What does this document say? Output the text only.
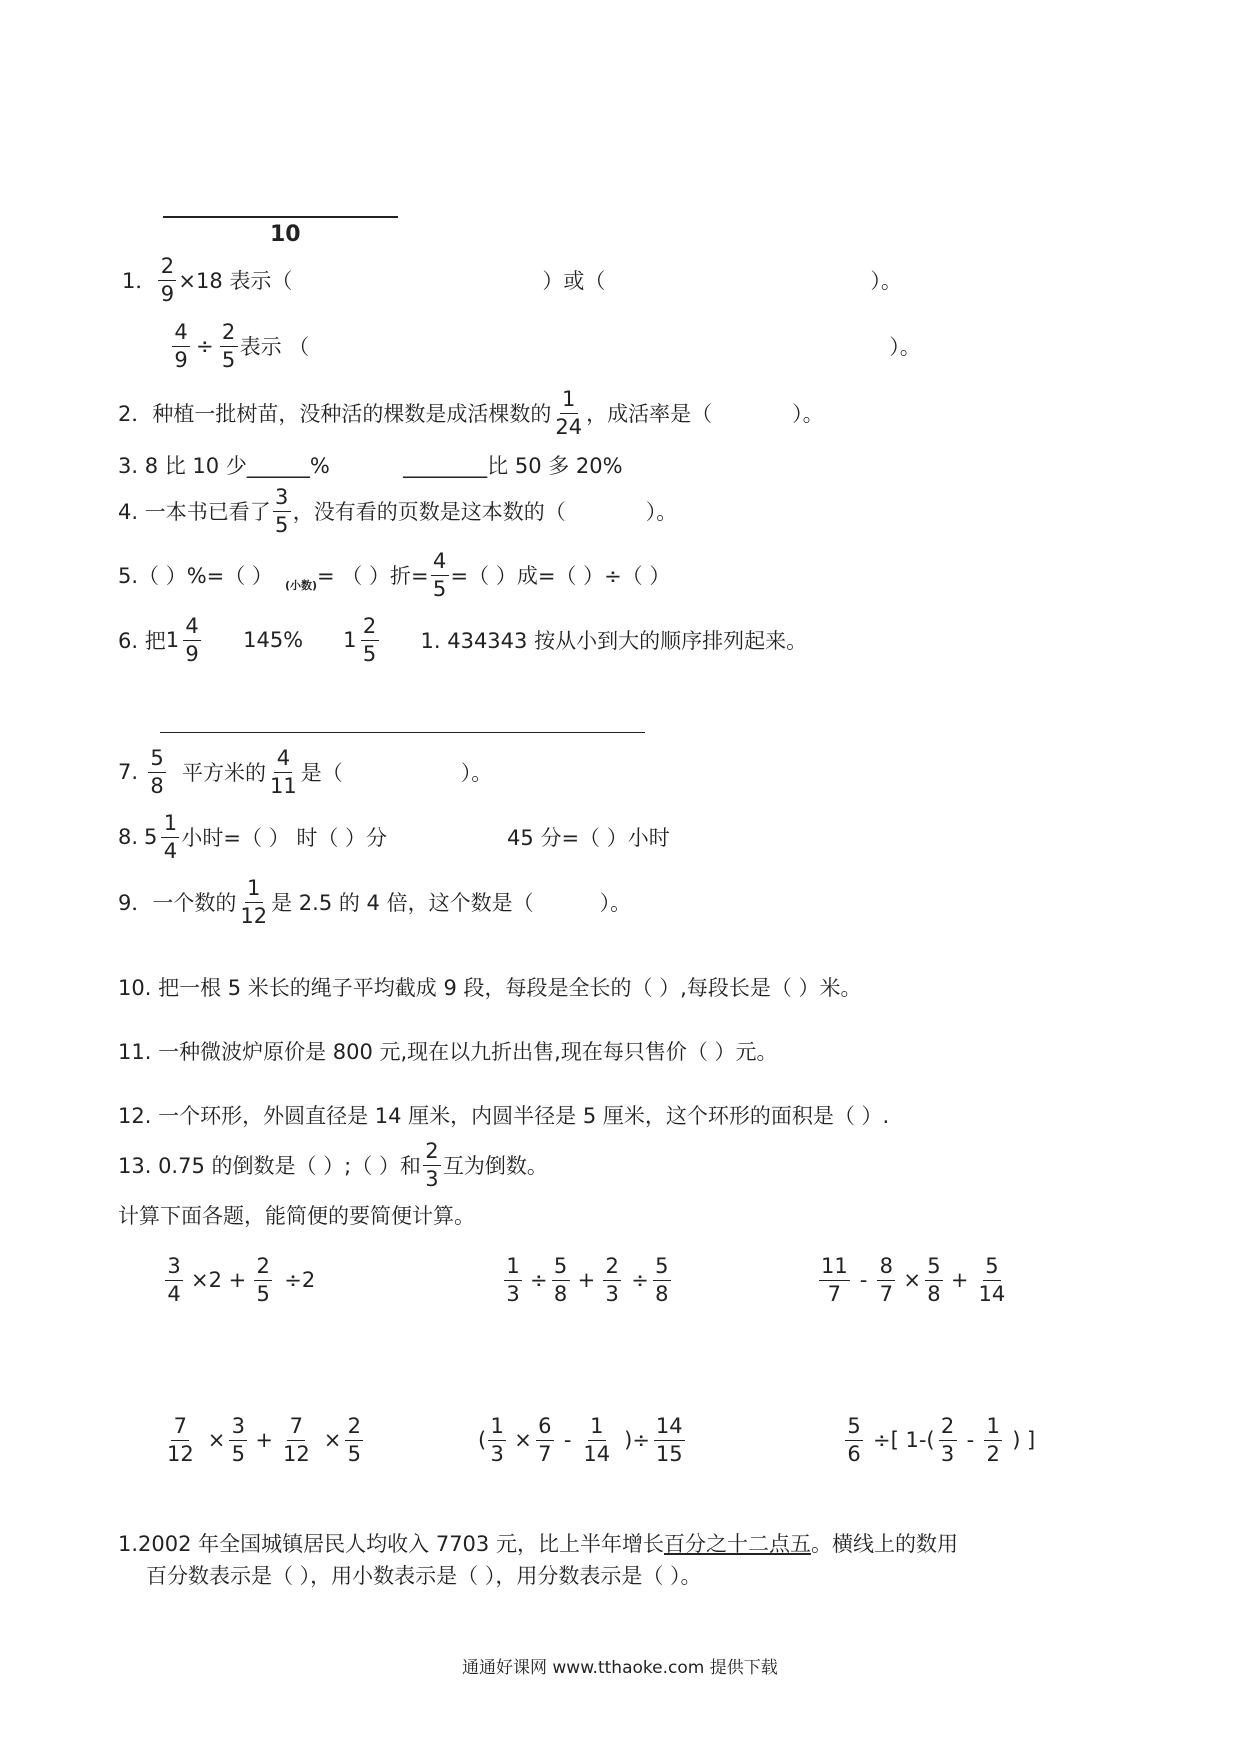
10
1． $\frac{2}{9} \times 18$ 表示（	）或（	）。
$\frac{4}{9} \div \frac{2}{5}$ 表示 （	）。
2．种植一批树苗，没种活的棵数是成活棵数的 $\frac{1}{24}$ ，成活率是（	）。
3. 8 比 10 少______%	________比 50 多 20%
4. 一本书已看了 $\frac{3}{5}$ ，没有看的页数是这本数的（	）。
5.（ ）%=（ ） (小数) = （ ）折= $\frac{4}{5}$ =（ ）成=（ ）÷（ ）
6. 把 $1 \frac{4}{9} 145\%$ $1 \frac{2}{5} 1$. 434343 按从小到大的顺序排列起来。
7. $\frac{5}{8}$ 平方米的 $\frac{4}{11}$ 是（	）。
8. $5 \frac{1}{4}$ 小时=（ ） 时（ ）分	45 分=（ ）小时
9．一个数的 $\frac{1}{12}$ 是 2.5 的 4 倍，这个数是（	）。
10. 把一根 5 米长的绳子平均截成 9 段，每段是全长的（ ）,每段长是（ ）米。
11. 一种微波炉原价是 800 元,现在以九折出售,现在每只售价（ ）元。
12. 一个环形，外圆直径是 14 厘米，内圆半径是 5 厘米，这个环形的面积是（ ）.
13. 0.75 的倒数是（ ）;（ ）和 $\frac{2}{3}$ 互为倒数。
计算下面各题，能简便的要简便计算。
$\frac{3}{4} \times 2 + \frac{2}{5} \div 2$	$\frac{1}{3} \div \frac{5}{8} + \frac{2}{3} \div \frac{5}{8}$	$\frac{11}{7} - \frac{8}{7} \times \frac{5}{8} + \frac{5}{14}$
$\frac{7}{12} \times \frac{3}{5} + \frac{7}{12} \times \frac{2}{5}$	( $\frac{1}{3} \times \frac{6}{7} - \frac{1}{14}$ )÷ $\frac{14}{15}$	$\frac{5}{6}$ ÷[ $1-( \frac{2}{3} - \frac{1}{2}$ ) ]
1.2002 年全国城镇居民人均收入 7703 元，比上半年增长百分之十二点五。横线上的数用
百分数表示是（ ），用小数表示是（ ），用分数表示是（ ）。
通通好课网 www.tthaoke.com 提供下载
